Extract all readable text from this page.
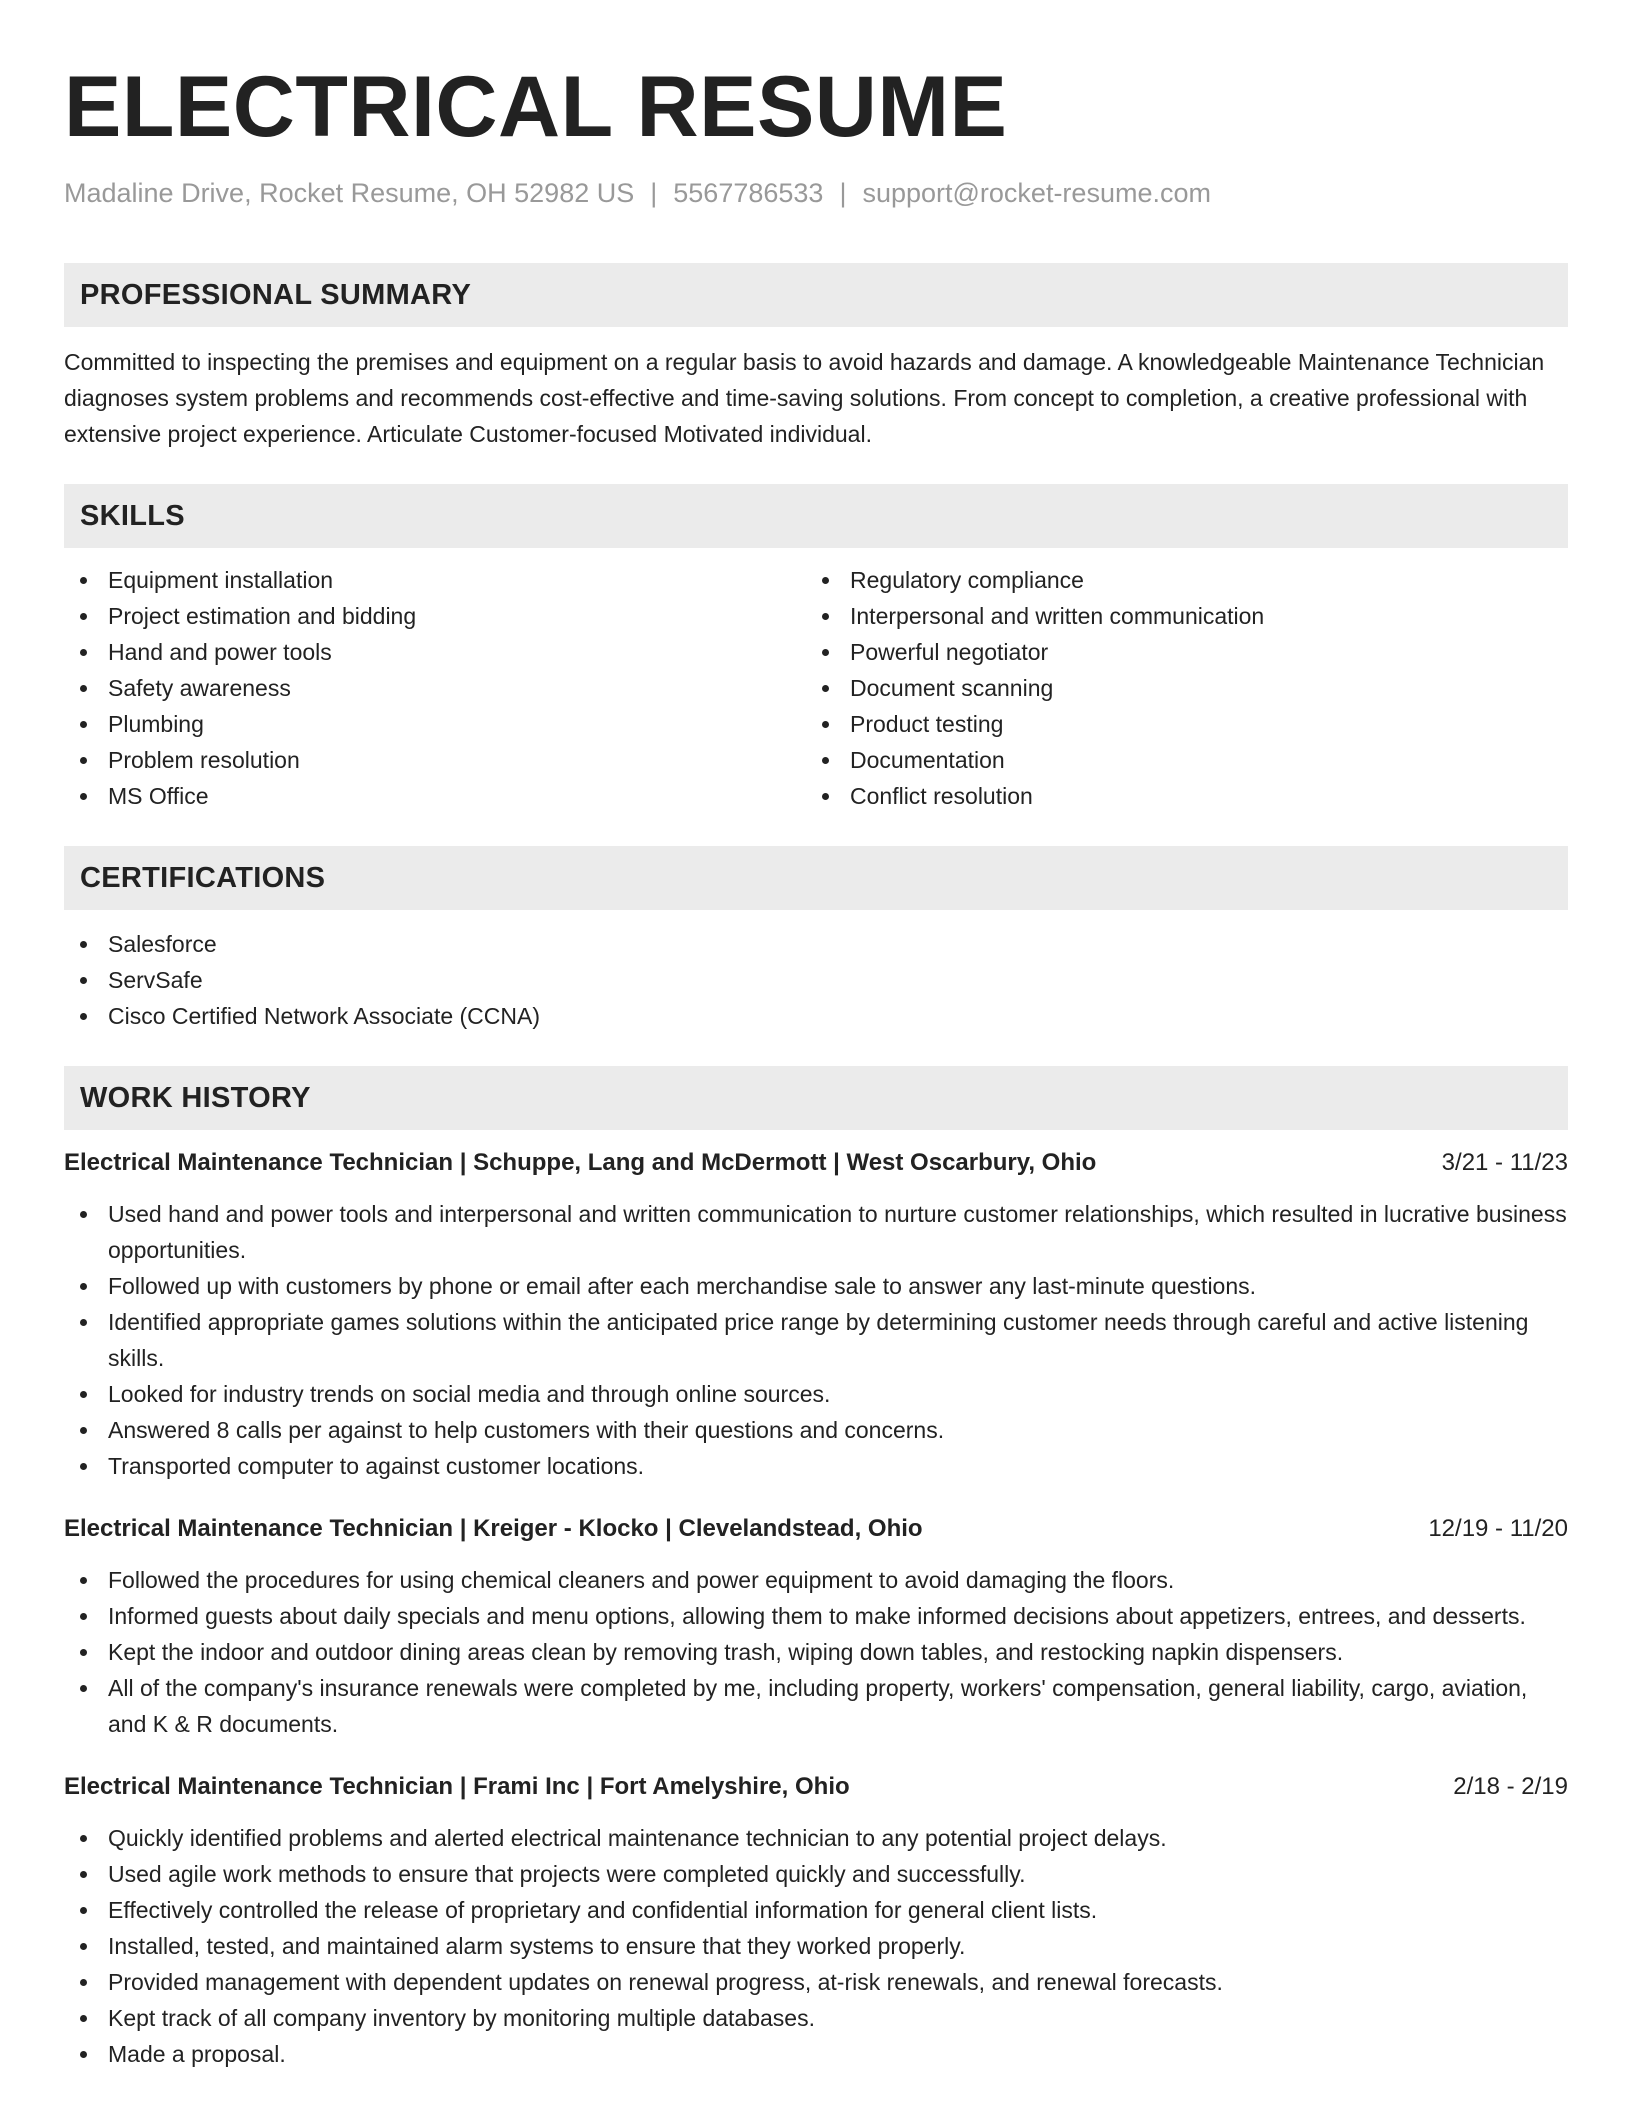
ELECTRICAL RESUME
Madaline Drive, Rocket Resume, OH 52982 US | 5567786533 | support@rocket-resume.com
PROFESSIONAL SUMMARY
Committed to inspecting the premises and equipment on a regular basis to avoid hazards and damage. A knowledgeable Maintenance Technician diagnoses system problems and recommends cost-effective and time-saving solutions. From concept to completion, a creative professional with extensive project experience. Articulate Customer-focused Motivated individual.
SKILLS
Equipment installation
Project estimation and bidding
Hand and power tools
Safety awareness
Plumbing
Problem resolution
MS Office
Regulatory compliance
Interpersonal and written communication
Powerful negotiator
Document scanning
Product testing
Documentation
Conflict resolution
CERTIFICATIONS
Salesforce
ServSafe
Cisco Certified Network Associate (CCNA)
WORK HISTORY
Electrical Maintenance Technician | Schuppe, Lang and McDermott | West Oscarbury, Ohio	3/21 - 11/23
Used hand and power tools and interpersonal and written communication to nurture customer relationships, which resulted in lucrative business opportunities.
Followed up with customers by phone or email after each merchandise sale to answer any last-minute questions.
Identified appropriate games solutions within the anticipated price range by determining customer needs through careful and active listening skills.
Looked for industry trends on social media and through online sources.
Answered 8 calls per against to help customers with their questions and concerns.
Transported computer to against customer locations.
Electrical Maintenance Technician | Kreiger - Klocko | Clevelandstead, Ohio	12/19 - 11/20
Followed the procedures for using chemical cleaners and power equipment to avoid damaging the floors.
Informed guests about daily specials and menu options, allowing them to make informed decisions about appetizers, entrees, and desserts.
Kept the indoor and outdoor dining areas clean by removing trash, wiping down tables, and restocking napkin dispensers.
All of the company's insurance renewals were completed by me, including property, workers' compensation, general liability, cargo, aviation, and K & R documents.
Electrical Maintenance Technician | Frami Inc | Fort Amelyshire, Ohio	2/18 - 2/19
Quickly identified problems and alerted electrical maintenance technician to any potential project delays.
Used agile work methods to ensure that projects were completed quickly and successfully.
Effectively controlled the release of proprietary and confidential information for general client lists.
Installed, tested, and maintained alarm systems to ensure that they worked properly.
Provided management with dependent updates on renewal progress, at-risk renewals, and renewal forecasts.
Kept track of all company inventory by monitoring multiple databases.
Made a proposal.
